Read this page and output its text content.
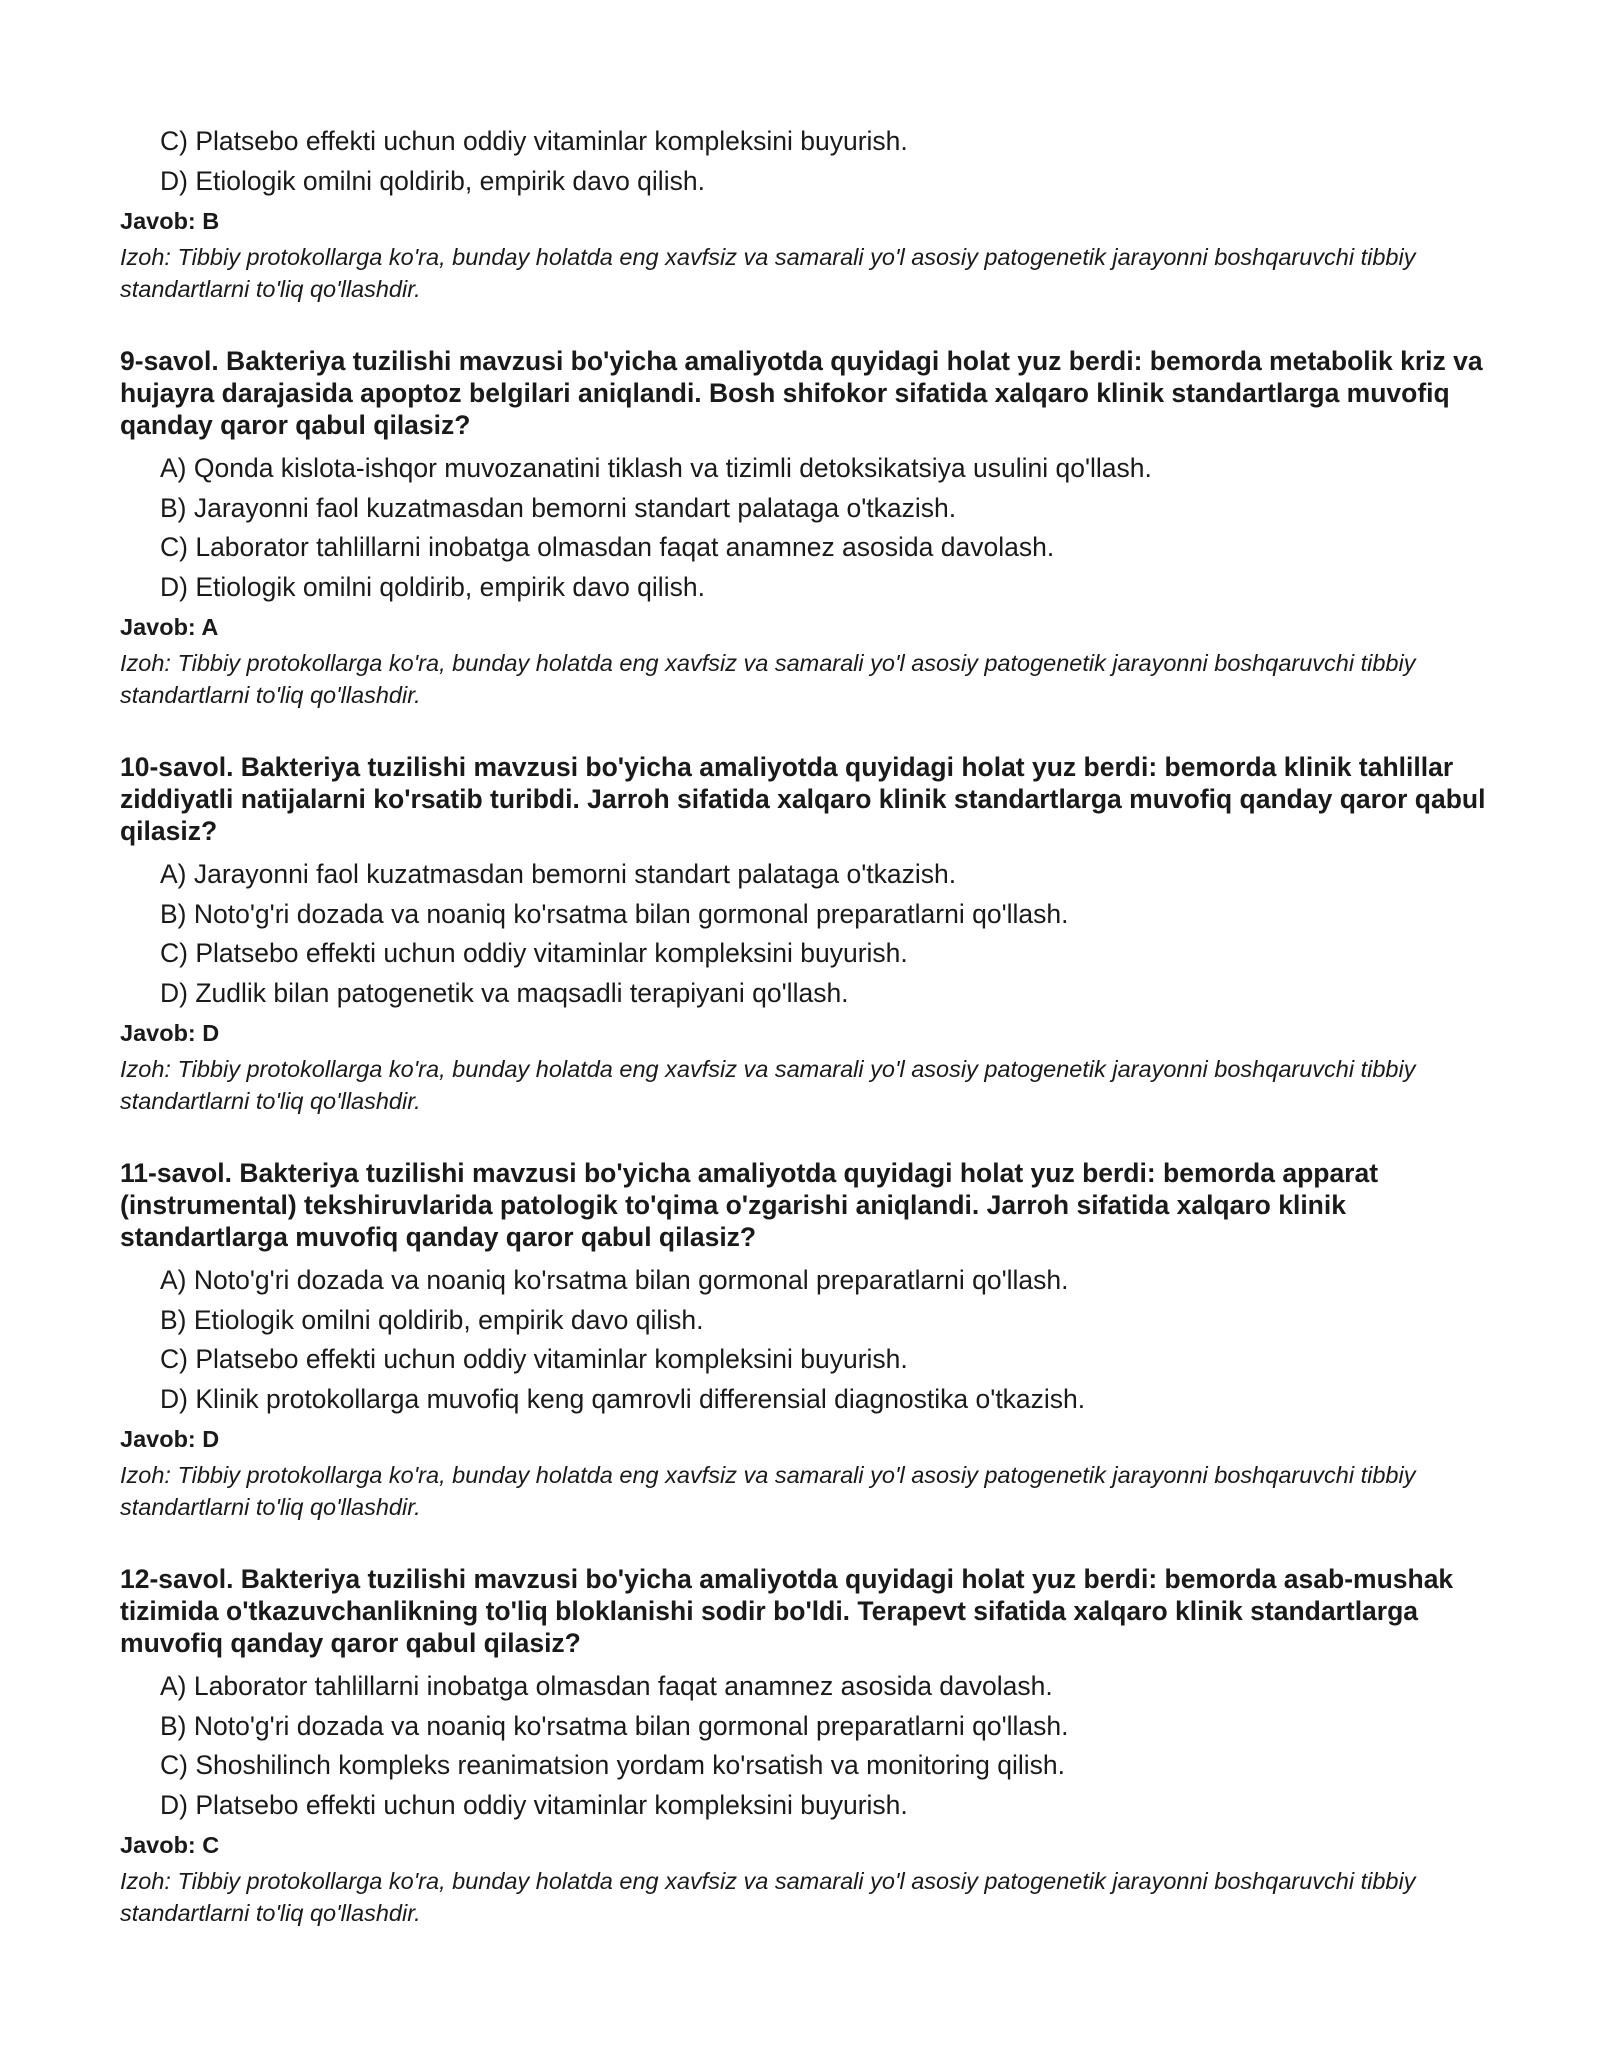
C) Platsebo effekti uchun oddiy vitaminlar kompleksini buyurish.
D) Etiologik omilni qoldirib, empirik davo qilish.
Javob: B
Izoh: Tibbiy protokollarga ko'ra, bunday holatda eng xavfsiz va samarali yo'l asosiy patogenetik jarayonni boshqaruvchi tibbiy standartlarni to'liq qo'llashdir.
9-savol. Bakteriya tuzilishi mavzusi bo'yicha amaliyotda quyidagi holat yuz berdi: bemorda metabolik kriz va hujayra darajasida apoptoz belgilari aniqlandi. Bosh shifokor sifatida xalqaro klinik standartlarga muvofiq qanday qaror qabul qilasiz?
A) Qonda kislota-ishqor muvozanatini tiklash va tizimli detoksikatsiya usulini qo'llash.
B) Jarayonni faol kuzatmasdan bemorni standart palataga o'tkazish.
C) Laborator tahlillarni inobatga olmasdan faqat anamnez asosida davolash.
D) Etiologik omilni qoldirib, empirik davo qilish.
Javob: A
Izoh: Tibbiy protokollarga ko'ra, bunday holatda eng xavfsiz va samarali yo'l asosiy patogenetik jarayonni boshqaruvchi tibbiy standartlarni to'liq qo'llashdir.
10-savol. Bakteriya tuzilishi mavzusi bo'yicha amaliyotda quyidagi holat yuz berdi: bemorda klinik tahlillar ziddiyatli natijalarni ko'rsatib turibdi. Jarroh sifatida xalqaro klinik standartlarga muvofiq qanday qaror qabul qilasiz?
A) Jarayonni faol kuzatmasdan bemorni standart palataga o'tkazish.
B) Noto'g'ri dozada va noaniq ko'rsatma bilan gormonal preparatlarni qo'llash.
C) Platsebo effekti uchun oddiy vitaminlar kompleksini buyurish.
D) Zudlik bilan patogenetik va maqsadli terapiyani qo'llash.
Javob: D
Izoh: Tibbiy protokollarga ko'ra, bunday holatda eng xavfsiz va samarali yo'l asosiy patogenetik jarayonni boshqaruvchi tibbiy standartlarni to'liq qo'llashdir.
11-savol. Bakteriya tuzilishi mavzusi bo'yicha amaliyotda quyidagi holat yuz berdi: bemorda apparat (instrumental) tekshiruvlarida patologik to'qima o'zgarishi aniqlandi. Jarroh sifatida xalqaro klinik standartlarga muvofiq qanday qaror qabul qilasiz?
A) Noto'g'ri dozada va noaniq ko'rsatma bilan gormonal preparatlarni qo'llash.
B) Etiologik omilni qoldirib, empirik davo qilish.
C) Platsebo effekti uchun oddiy vitaminlar kompleksini buyurish.
D) Klinik protokollarga muvofiq keng qamrovli differensial diagnostika o'tkazish.
Javob: D
Izoh: Tibbiy protokollarga ko'ra, bunday holatda eng xavfsiz va samarali yo'l asosiy patogenetik jarayonni boshqaruvchi tibbiy standartlarni to'liq qo'llashdir.
12-savol. Bakteriya tuzilishi mavzusi bo'yicha amaliyotda quyidagi holat yuz berdi: bemorda asab-mushak tizimida o'tkazuvchanlikning to'liq bloklanishi sodir bo'ldi. Terapevt sifatida xalqaro klinik standartlarga muvofiq qanday qaror qabul qilasiz?
A) Laborator tahlillarni inobatga olmasdan faqat anamnez asosida davolash.
B) Noto'g'ri dozada va noaniq ko'rsatma bilan gormonal preparatlarni qo'llash.
C) Shoshilinch kompleks reanimatsion yordam ko'rsatish va monitoring qilish.
D) Platsebo effekti uchun oddiy vitaminlar kompleksini buyurish.
Javob: C
Izoh: Tibbiy protokollarga ko'ra, bunday holatda eng xavfsiz va samarali yo'l asosiy patogenetik jarayonni boshqaruvchi tibbiy standartlarni to'liq qo'llashdir.
